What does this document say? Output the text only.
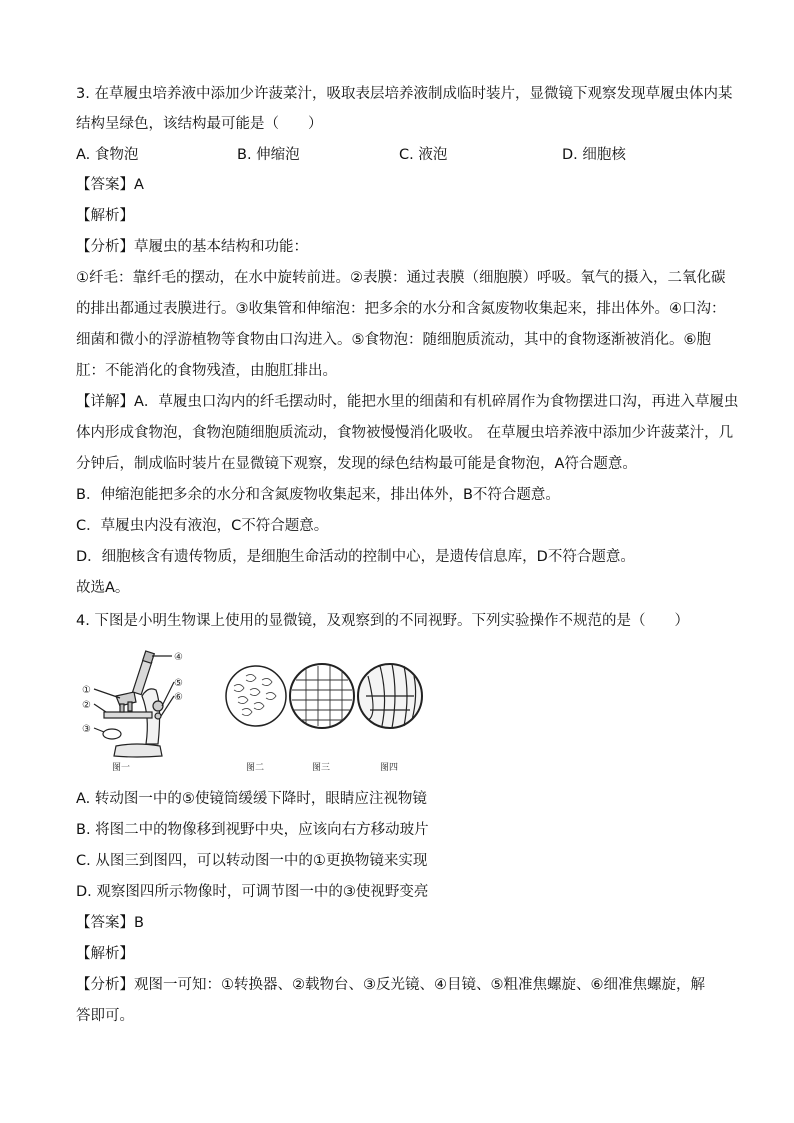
3. 在草履虫培养液中添加少许菠菜汁，吸取表层培养液制成临时装片，显微镜下观察发现草履虫体内某
结构呈绿色，该结构最可能是（　　）
A. 食物泡	B. 伸缩泡	C. 液泡	D. 细胞核
【答案】A
【解析】
【分析】草履虫的基本结构和功能：
①纤毛：靠纤毛的摆动，在水中旋转前进。②表膜：通过表膜（细胞膜）呼吸。氧气的摄入，二氧化碳
的排出都通过表膜进行。③收集管和伸缩泡：把多余的水分和含氮废物收集起来，排出体外。④口沟：
细菌和微小的浮游植物等食物由口沟进入。⑤食物泡：随细胞质流动，其中的食物逐渐被消化。⑥胞
肛：不能消化的食物残渣，由胞肛排出。
【详解】A．草履虫口沟内的纤毛摆动时，能把水里的细菌和有机碎屑作为食物摆进口沟，再进入草履虫
体内形成食物泡，食物泡随细胞质流动，食物被慢慢消化吸收。 在草履虫培养液中添加少许菠菜汁，几
分钟后，制成临时装片在显微镜下观察，发现的绿色结构最可能是食物泡，A符合题意。
B．伸缩泡能把多余的水分和含氮废物收集起来，排出体外，B不符合题意。
C．草履虫内没有液泡，C不符合题意。
D．细胞核含有遗传物质，是细胞生命活动的控制中心，是遗传信息库，D不符合题意。
故选A。
4. 下图是小明生物课上使用的显微镜，及观察到的不同视野。下列实验操作不规范的是（　　）
①
②
③
④
⑤
⑥
图一	图二	图三	图四
A. 转动图一中的⑤使镜筒缓缓下降时，眼睛应注视物镜
B. 将图二中的物像移到视野中央，应该向右方移动玻片
C. 从图三到图四，可以转动图一中的①更换物镜来实现
D. 观察图四所示物像时，可调节图一中的③使视野变亮
【答案】B
【解析】
【分析】观图一可知：①转换器、②载物台、③反光镜、④目镜、⑤粗准焦螺旋、⑥细准焦螺旋，解
答即可。
